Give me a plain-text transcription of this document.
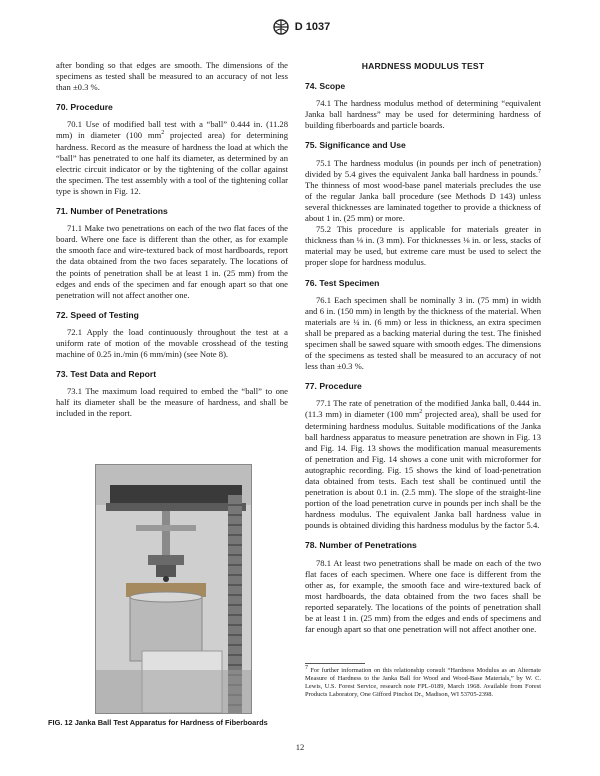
D 1037

after bonding so that edges are smooth. The dimensions of the specimens as tested shall be measured to an accuracy of not less than ±0.3 %.

70. Procedure

70.1 Use of modified ball test with a “ball” 0.444 in. (11.28 mm) in diameter (100 $mm^2$ projected area) for determining hardness. Record as the measure of hardness the load at which the “ball” has penetrated to one half its diameter, as determined by an electric circuit indicator or by the tightening of the collar against the specimen. The test assembly with a tool of the tightening collar type is shown in Fig. 12.

71. Number of Penetrations

71.1 Make two penetrations on each of the two flat faces of the board. Where one face is different than the other, as for example the smooth face and wire-textured back of most hardboards, report the data obtained from the two faces separately. The locations of the points of penetration shall be at least 1 in. (25 mm) from the edges and ends of the specimen and far enough apart so that one penetration will not affect another one.

72. Speed of Testing

72.1 Apply the load continuously throughout the test at a uniform rate of motion of the movable crosshead of the testing machine of 0.25 in./min (6 mm/min) (see Note 8).

73. Test Data and Report

73.1 The maximum load required to embed the “ball” to one half its diameter shall be the measure of hardness, and shall be included in the report.

FIG. 12 Janka Ball Test Apparatus for Hardness of Fiberboards
HARDNESS MODULUS TEST
74. Scope

74.1 The hardness modulus method of determining “equivalent Janka ball hardness” may be used for determining hardness of building fiberboards and particle boards.

75. Significance and Use

75.1 The hardness modulus (in pounds per inch of penetration) divided by 5.4 gives the equivalent Janka ball hardness in pounds.$^7$ The thinness of most wood-base panel materials precludes the use of the regular Janka ball procedure (see Methods D 143) unless several thicknesses are laminated together to provide a thickness of about 1 in. (25 mm) or more.

75.2 This procedure is applicable for materials greater in thickness than ⅛ in. (3 mm). For thicknesses ⅛ in. or less, stacks of material may be used, but extreme care must be used to select the proper slope for hardness modulus.

76. Test Specimen

76.1 Each specimen shall be nominally 3 in. (75 mm) in width and 6 in. (150 mm) in length by the thickness of the material. When materials are ¼ in. (6 mm) or less in thickness, an extra specimen shall be prepared as a backing material during the test. The finished specimen shall be sawed square with smooth edges. The dimensions of the specimens as tested shall be measured to an accuracy of not less than ±0.3 %.

77. Procedure

77.1 The rate of penetration of the modified Janka ball, 0.444 in. (11.3 mm) in diameter (100 $mm^2$ projected area), shall be used for determining hardness modulus. Suitable modifications of the Janka ball hardness apparatus to measure penetration are shown in Fig. 13 and Fig. 14. Fig. 13 shows the modification manual measurements of penetration and Fig. 14 shows a cone unit with microformer for autographic recording. Fig. 15 shows the kind of load-penetration data obtained from tests. Each test shall be continued until the penetration is about 0.1 in. (2.5 mm). The slope of the straight-line portion of the load penetration curve in pounds per inch shall be the hardness modulus. The equivalent Janka ball hardness value in pounds is obtained dividing this hardness modulus by the factor 5.4.

78. Number of Penetrations

78.1 At least two penetrations shall be made on each of the two flat faces of each specimen. Where one face is different from the other as, for example, the smooth face and wire-textured back of most hardboards, the data obtained from the two faces shall be reported separately. The locations of the points of penetration shall be at least 1 in. (25 mm) from the edges and ends of specimens and far enough apart so that one penetration will not affect another one.

$^7$ For further information on this relationship consult “Hardness Modulus as an Alternate Measure of Hardness to the Janka Ball for Wood and Wood-Base Materials,” by W. C. Lewis, U.S. Forest Service, research note FPL-0189, March 1968. Available from Forest Products Laboratory, One Gifford Pinchot Dr., Madison, WI 53705-2398.
12
